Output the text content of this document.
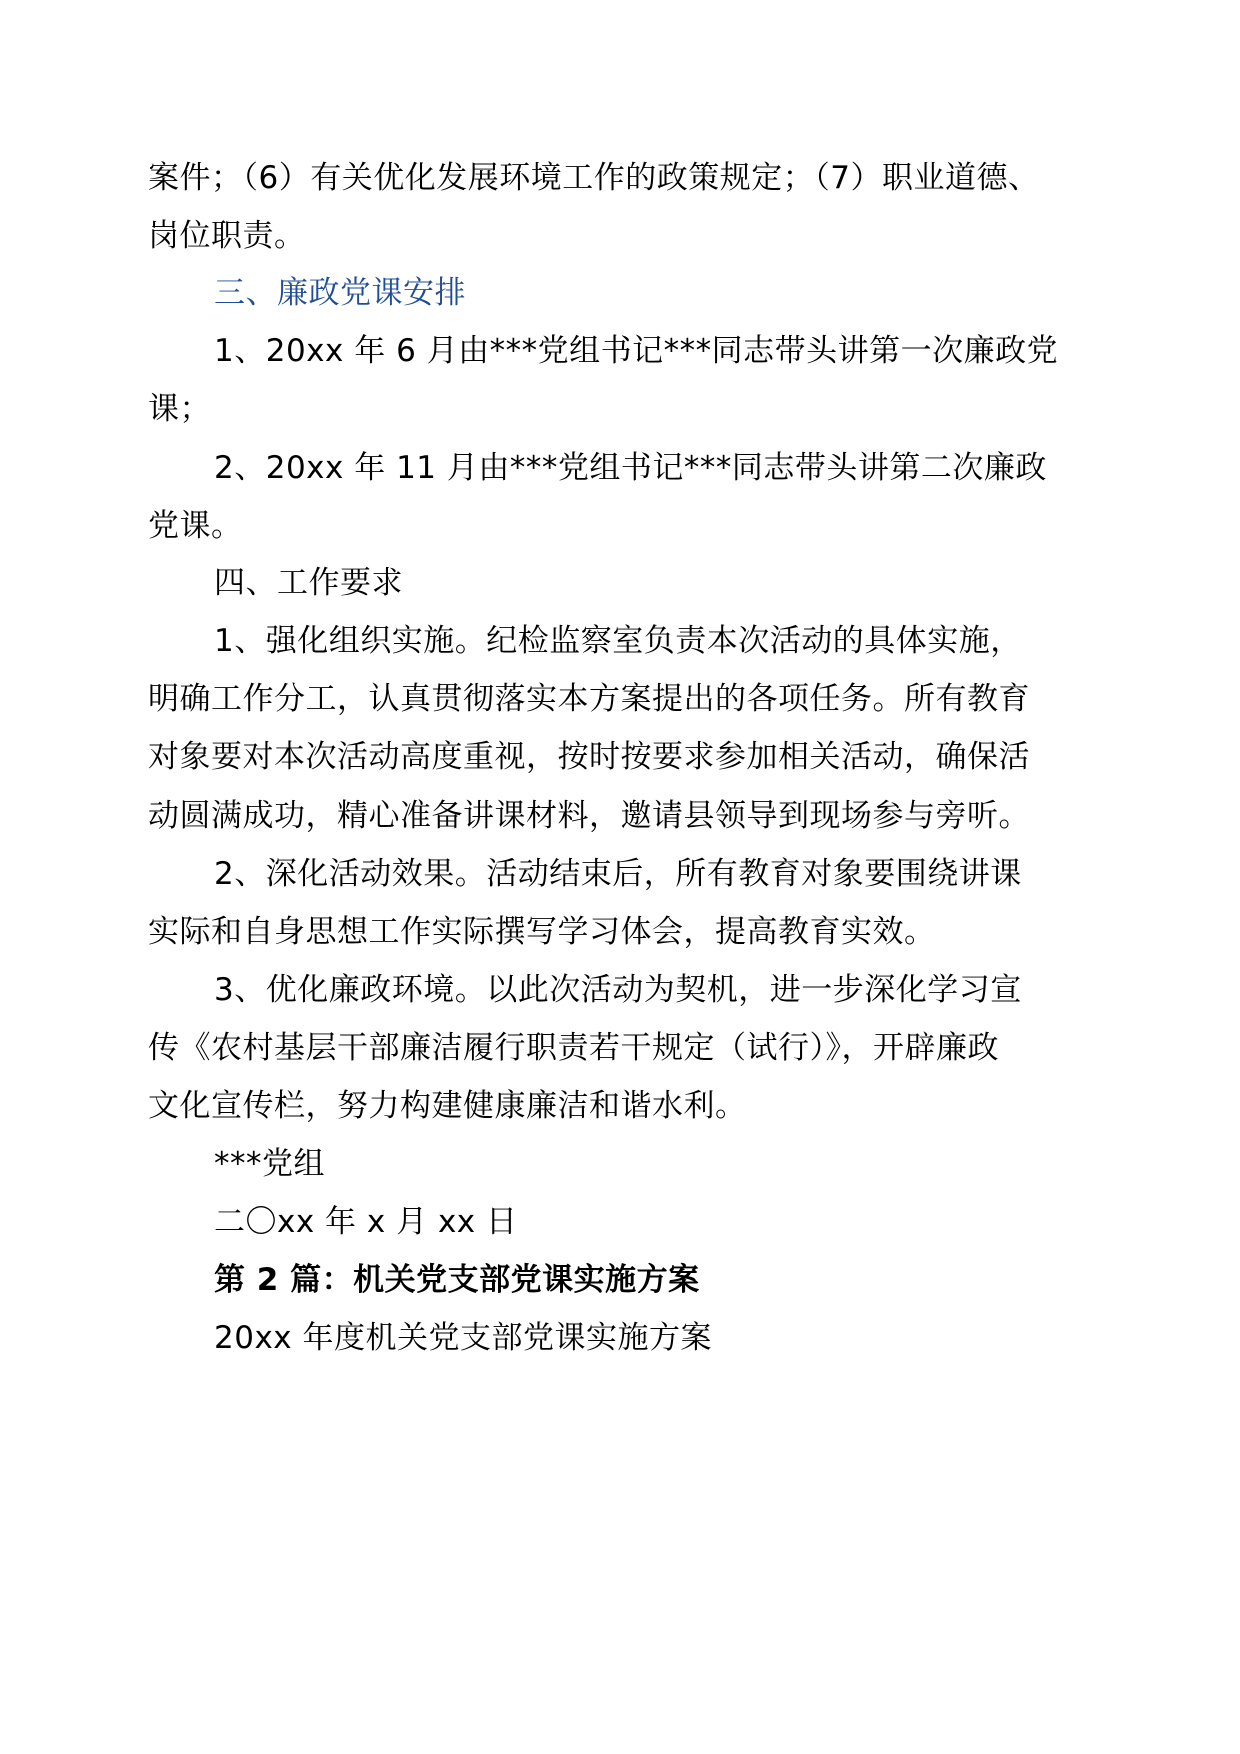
案件；（6）有关优化发展环境工作的政策规定；（7）职业道德、
岗位职责。
三、廉政党课安排
1、20xx 年 6 月由***党组书记***同志带头讲第一次廉政党
课；
2、20xx 年 11 月由***党组书记***同志带头讲第二次廉政
党课。
四、工作要求
1、强化组织实施。纪检监察室负责本次活动的具体实施，
明确工作分工，认真贯彻落实本方案提出的各项任务。所有教育
对象要对本次活动高度重视，按时按要求参加相关活动，确保活
动圆满成功，精心准备讲课材料，邀请县领导到现场参与旁听。
2、深化活动效果。活动结束后，所有教育对象要围绕讲课
实际和自身思想工作实际撰写学习体会，提高教育实效。
3、优化廉政环境。以此次活动为契机，进一步深化学习宣
传《农村基层干部廉洁履行职责若干规定（试行）》，开辟廉政
文化宣传栏，努力构建健康廉洁和谐水利。
***党组
二〇xx 年 x 月 xx 日
第 2 篇：机关党支部党课实施方案
20xx 年度机关党支部党课实施方案
